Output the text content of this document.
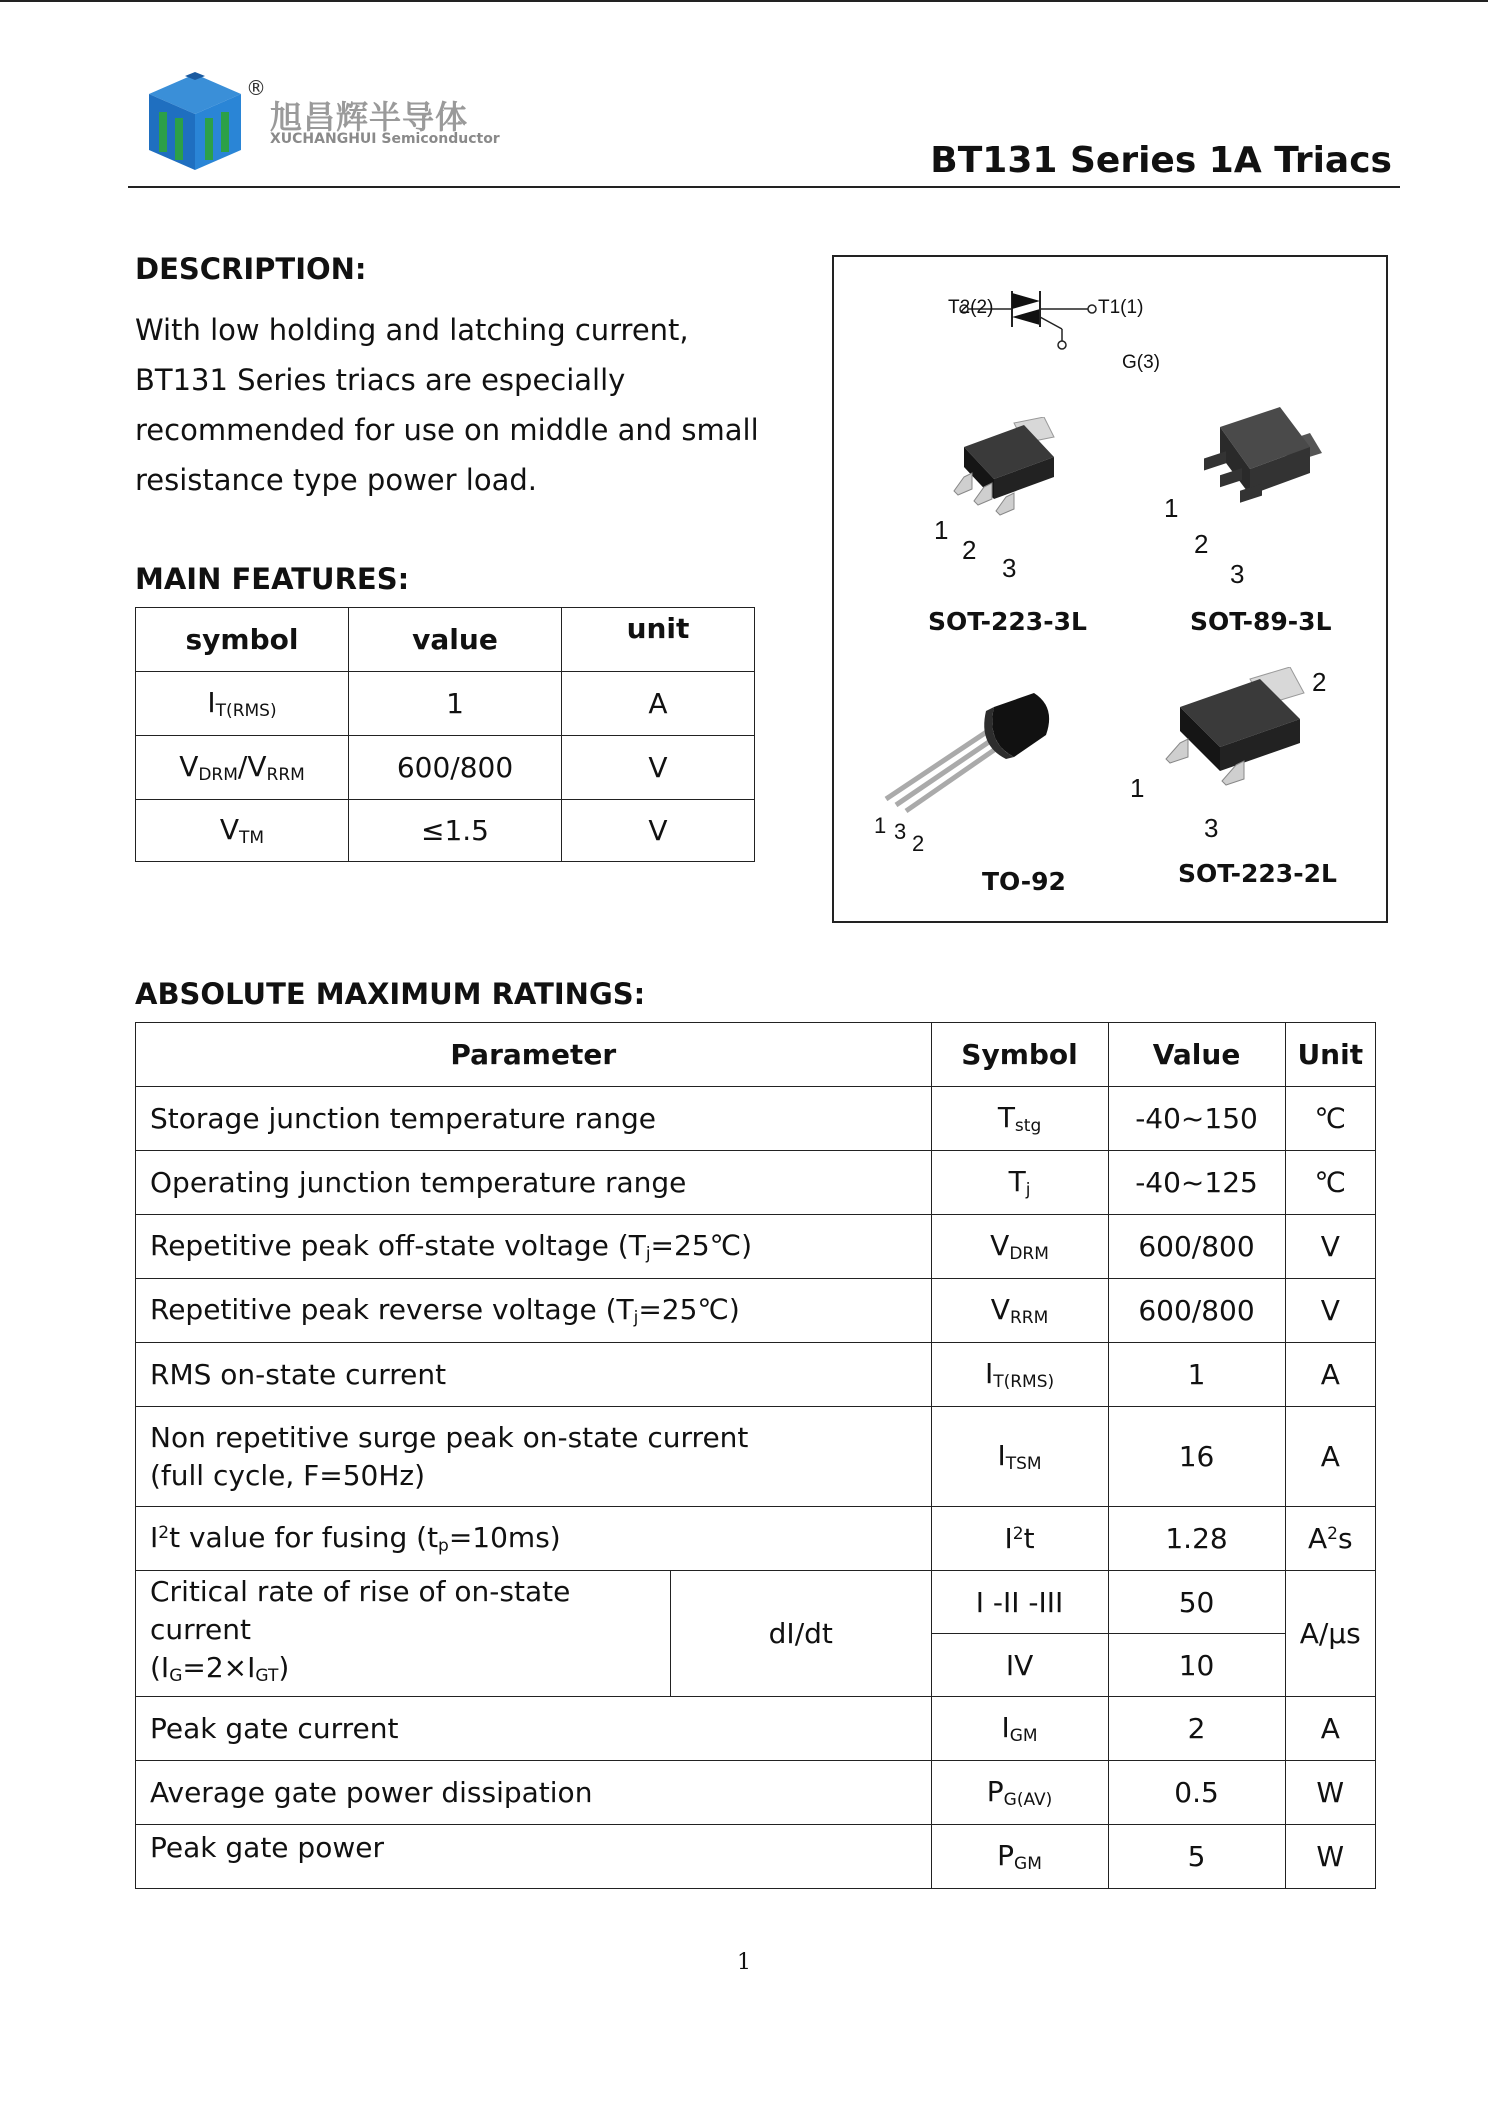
®
旭昌辉半导体
XUCHANGHUI Semiconductor
BT131 Series 1A Triacs
DESCRIPTION:
With low holding and latching current, BT131 Series triacs are especially recommended for use on middle and small resistance type power load.
MAIN FEATURES:
symbol	value	unit
$I_{T(RMS)}$	1	A
$V_{DRM}/V_{RRM}$	600/800	V
$V_{TM}$	≤1.5	V
T2(2)	T1(1)
G(3)
1
2
3
SOT-223-3L
1
2
3
SOT-89-3L
1 3 2
TO-92
2
1
3
SOT-223-2L
ABSOLUTE MAXIMUM RATINGS:
Parameter		Symbol	Value	Unit
Storage junction temperature range		$T_{stg}$	-40~150	℃
Operating junction temperature range		$T_j$	-40~125	℃
Repetitive peak off-state voltage $(T_j=25℃)$		$V_{DRM}$	600/800	V
Repetitive peak reverse voltage $(T_j=25℃)$		$V_{RRM}$	600/800	V
RMS on-state current		$I_{T(RMS)}$	1	A
Non repetitive surge peak on-state current
(full cycle, F=50Hz)		$I_{TSM}$	16	A
$I^2t$ value for fusing $(t_p=10ms)$		$I^2t$	1.28	$A^2s$
Critical rate of rise of on-state current
$(I_G=2\times I_{GT})$	dI/dt	I -II -III	50	A/μs
		IV	10	
Peak gate current		$I_{GM}$	2	A
Average gate power dissipation		$P_{G(AV)}$	0.5	W
Peak gate power		$P_{GM}$	5	W
1
